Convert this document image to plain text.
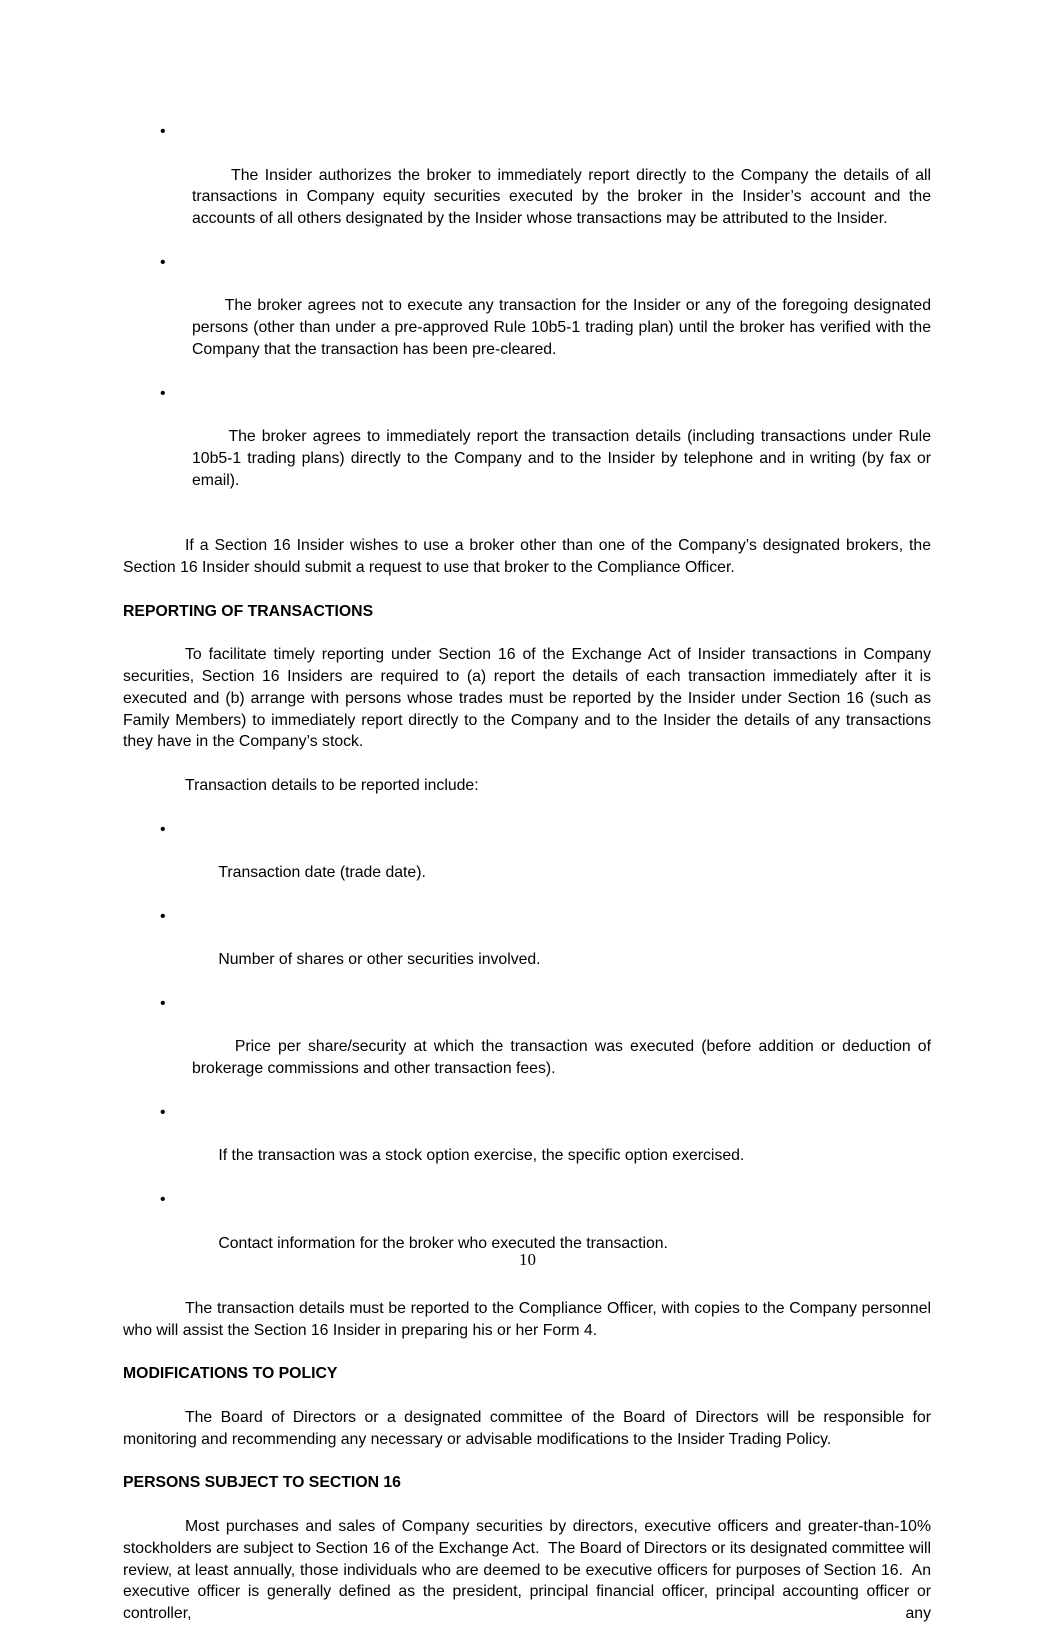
•

The Insider authorizes the broker to immediately report directly to the Company the details of all transactions in Company equity securities executed by the broker in the Insider’s account and the accounts of all others designated by the Insider whose transactions may be attributed to the Insider.

•

The broker agrees not to execute any transaction for the Insider or any of the foregoing designated persons (other than under a pre-approved Rule 10b5-1 trading plan) until the broker has verified with the Company that the transaction has been pre-cleared.

•

The broker agrees to immediately report the transaction details (including transactions under Rule 10b5-1 trading plans) directly to the Company and to the Insider by telephone and in writing (by fax or email).

If a Section 16 Insider wishes to use a broker other than one of the Company’s designated brokers, the Section 16 Insider should submit a request to use that broker to the Compliance Officer.

REPORTING OF TRANSACTIONS

To facilitate timely reporting under Section 16 of the Exchange Act of Insider transactions in Company securities, Section 16 Insiders are required to (a) report the details of each transaction immediately after it is executed and (b) arrange with persons whose trades must be reported by the Insider under Section 16 (such as Family Members) to immediately report directly to the Company and to the Insider the details of any transactions they have in the Company’s stock.

Transaction details to be reported include:

•

Transaction date (trade date).

•

Number of shares or other securities involved.

•

Price per share/security at which the transaction was executed (before addition or deduction of brokerage commissions and other transaction fees).

•

If the transaction was a stock option exercise, the specific option exercised.

•

Contact information for the broker who executed the transaction.

The transaction details must be reported to the Compliance Officer, with copies to the Company personnel who will assist the Section 16 Insider in preparing his or her Form 4.

MODIFICATIONS TO POLICY

The Board of Directors or a designated committee of the Board of Directors will be responsible for monitoring and recommending any necessary or advisable modifications to the Insider Trading Policy.

PERSONS SUBJECT TO SECTION 16

Most purchases and sales of Company securities by directors, executive officers and greater-than-10% stockholders are subject to Section 16 of the Exchange Act.  The Board of Directors or its designated committee will review, at least annually, those individuals who are deemed to be executive officers for purposes of Section 16.  An executive officer is generally defined as the president, principal financial officer, principal accounting officer or controller, any

10
